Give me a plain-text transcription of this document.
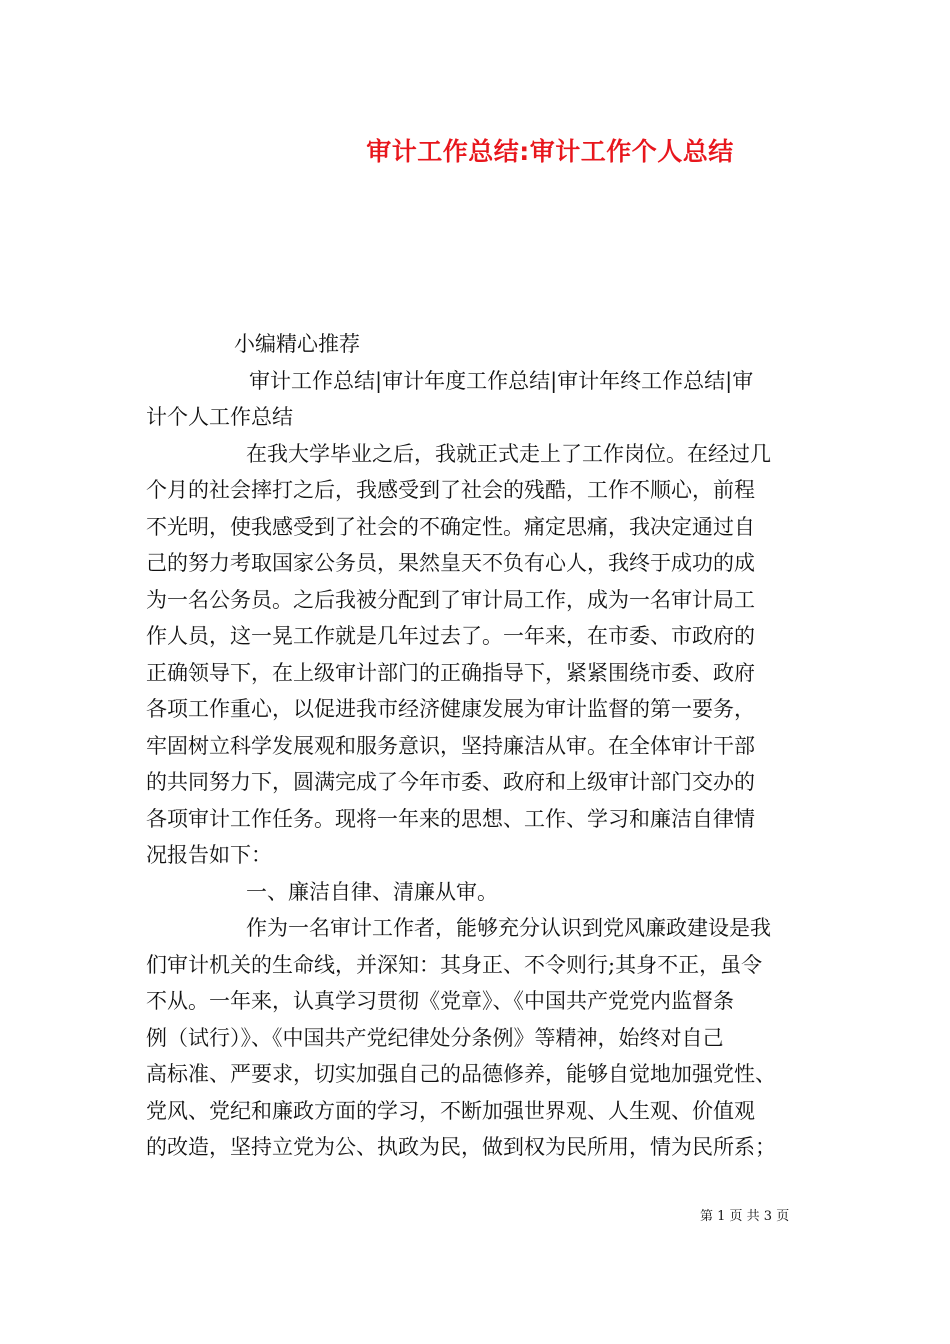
审计工作总结:审计工作个人总结
小编精心推荐
审计工作总结|审计年度工作总结|审计年终工作总结|审
计个人工作总结
在我大学毕业之后，我就正式走上了工作岗位。在经过几
个月的社会摔打之后，我感受到了社会的残酷，工作不顺心，前程
不光明，使我感受到了社会的不确定性。痛定思痛，我决定通过自
己的努力考取国家公务员，果然皇天不负有心人，我终于成功的成
为一名公务员。之后我被分配到了审计局工作，成为一名审计局工
作人员，这一晃工作就是几年过去了。一年来，在市委、市政府的
正确领导下，在上级审计部门的正确指导下，紧紧围绕市委、政府
各项工作重心，以促进我市经济健康发展为审计监督的第一要务，
牢固树立科学发展观和服务意识，坚持廉洁从审。在全体审计干部
的共同努力下，圆满完成了今年市委、政府和上级审计部门交办的
各项审计工作任务。现将一年来的思想、工作、学习和廉洁自律情
况报告如下：
一、廉洁自律、清廉从审。
作为一名审计工作者，能够充分认识到党风廉政建设是我
们审计机关的生命线，并深知：其身正、不令则行;其身不正，虽令
不从。一年来，认真学习贯彻《党章》、《中国共产党党内监督条
例（试行）》、《中国共产党纪律处分条例》等精神，始终对自己
高标准、严要求，切实加强自己的品德修养，能够自觉地加强党性、
党风、党纪和廉政方面的学习，不断加强世界观、人生观、价值观
的改造，坚持立党为公、执政为民，做到权为民所用，情为民所系；
第 1 页 共 3 页
